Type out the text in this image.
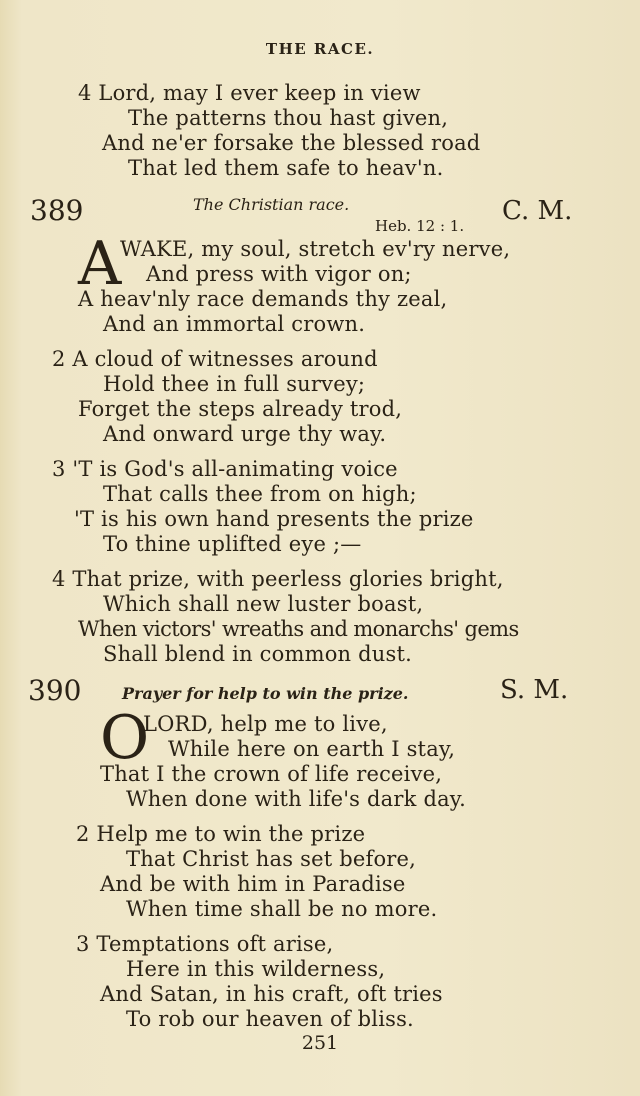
THE RACE.
4 Lord, may I ever keep in view
The patterns thou hast given,
And ne'er forsake the blessed road
That led them safe to heav'n.
389	The Christian race.
Heb. 12 : 1. C. M.
A
WAKE, my soul, stretch ev'ry nerve,
And press with vigor on;
A heav'nly race demands thy zeal,
And an immortal crown.
2 A cloud of witnesses around
Hold thee in full survey;
Forget the steps already trod,
And onward urge thy way.
3 'T is God's all-animating voice
That calls thee from on high;
'T is his own hand presents the prize
To thine uplifted eye ;—
4 That prize, with peerless glories bright,
Which shall new luster boast,
When victors' wreaths and monarchs' gems
Shall blend in common dust.
390	Prayer for help to win the prize.	S. M.
O
LORD, help me to live,
While here on earth I stay,
That I the crown of life receive,
When done with life's dark day.
2 Help me to win the prize
That Christ has set before,
And be with him in Paradise
When time shall be no more.
3 Temptations oft arise,
Here in this wilderness,
And Satan, in his craft, oft tries
To rob our heaven of bliss.
251
